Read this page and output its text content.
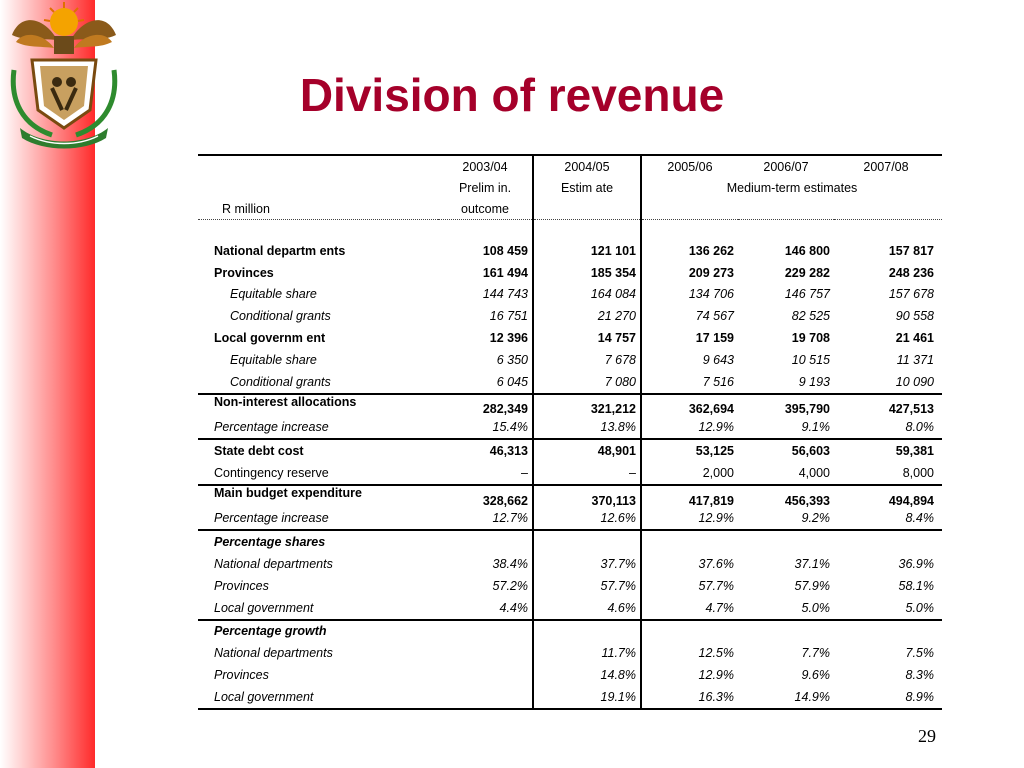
Division of revenue
	2003/04	2004/05	2005/06	2006/07	2007/08
	Prelim in.	Estim ate	Medium-term estimates		
R million	outcome				

National departm ents	108 459	121 101	136 262	146 800	157 817
Provinces	161 494	185 354	209 273	229 282	248 236
Equitable share	144 743	164 084	134 706	146 757	157 678
Conditional grants	16 751	21 270	74 567	82 525	90 558
Local governm ent	12 396	14 757	17 159	19 708	21 461
Equitable share	6 350	7 678	9 643	10 515	11 371
Conditional grants	6 045	7 080	7 516	9 193	10 090
Non-interest allocations	282,349	321,212	362,694	395,790	427,513
Percentage increase	15.4%	13.8%	12.9%	9.1%	8.0%
State debt cost	46,313	48,901	53,125	56,603	59,381
Contingency reserve	–	–	2,000	4,000	8,000
Main budget expenditure	328,662	370,113	417,819	456,393	494,894
Percentage increase	12.7%	12.6%	12.9%	9.2%	8.4%
Percentage shares					
National departments	38.4%	37.7%	37.6%	37.1%	36.9%
Provinces	57.2%	57.7%	57.7%	57.9%	58.1%
Local government	4.4%	4.6%	4.7%	5.0%	5.0%
Percentage growth					
National departments		11.7%	12.5%	7.7%	7.5%
Provinces		14.8%	12.9%	9.6%	8.3%
Local government		19.1%	16.3%	14.9%	8.9%
29
